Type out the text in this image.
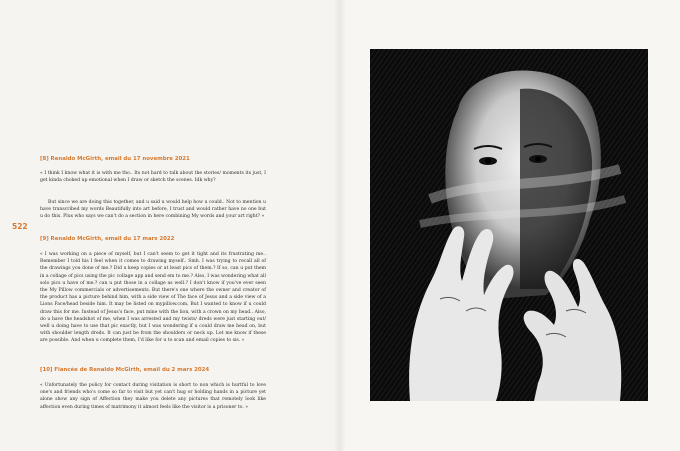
522
[8] Renaldo McGirth, email du 17 novembre 2021

« I think I know what it is with me tho.. Its not hard to talk about the stories/ moments its just, I get kinda choked up emotional when I draw or sketch the scenes. Idk why?

But since we are doing this together, and u said u would help how u could.. Not to mention u have transcribed my words Beautifully into art before, I trust and would rather have no one but u do this. Plus who says we can't do a section in here combining My words and your art right? »

[9] Renaldo McGirth, email du 17 mars 2022

« I was working on a piece of myself, but I can't seem to get it tight and its frustrating me.. Remember I told his I feel when it comes to drawing myself.. Smh. I was trying to recall all of the drawings you done of me.? Did u keep copies or at least pics of them.? If so, can u put them in a collage of pics using the pic collage app and send em to me.? Also, I was wondering what all solo pics u have of me.? can u put those in a collage as well.? I don't know if you've ever seen the My Pillow commercials or advertisements. But there's one where the owner and creator of the product has a picture behind him, with a side view of The face of Jesus and a side view of a Lions Face/head beside him. It may be listed on mypillow.com, But I wanted to know if u could draw this for me. Instead of Jesus's face, put mine with the lion, with a crown on my head.. Also, do u have the headshot of me, when I was arrested and my twists/ dreds were just starting out/ well u doing have to use that pic exactly, but I was wondering if u could draw me head on, but with shoulder length dreds. It can just be from the shoulders or neck up. Let me know if these are possible. And when u complete them, I'd like for u to scan and email copies to sis. »

[10] Fiancée de Renaldo McGirth, email du 2 mars 2024

« Unfortunately the policy for contact during visitation is short to non which is hurtful to love one's and friends who's come so far to visit but yet can't hug or holding hands in a picture yet alone show any sign of Affection they make you delete any pictures that remotely look like affection even during times of matrimony it almost feels like the visitor is a prisoner to. »
